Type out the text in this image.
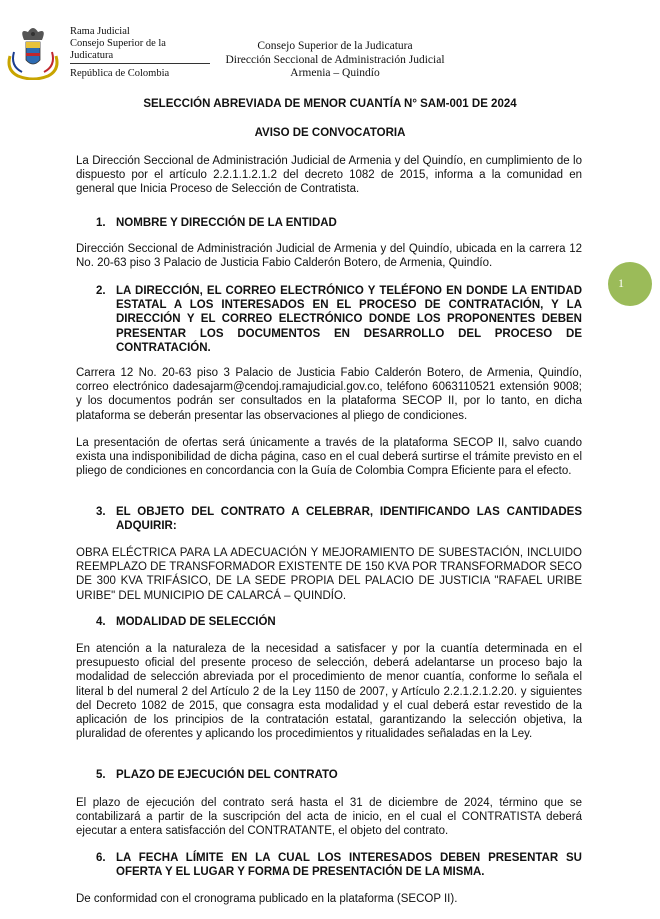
Rama Judicial
Consejo Superior de la Judicatura
República de Colombia
Consejo Superior de la Judicatura
Dirección Seccional de Administración Judicial
Armenia – Quindío
SELECCIÓN ABREVIADA DE MENOR CUANTÍA N° SAM-001 DE 2024
AVISO DE CONVOCATORIA
La Dirección Seccional de Administración Judicial de Armenia y del Quindío, en cumplimiento de lo dispuesto por el artículo 2.2.1.1.2.1.2 del decreto 1082 de 2015, informa a la comunidad en general que Inicia Proceso de Selección de Contratista.
1. NOMBRE Y DIRECCIÓN DE LA ENTIDAD
Dirección Seccional de Administración Judicial de Armenia y del Quindío, ubicada en la carrera 12 No. 20-63 piso 3 Palacio de Justicia Fabio Calderón Botero, de Armenia, Quindío.
2. LA DIRECCIÓN, EL CORREO ELECTRÓNICO Y TELÉFONO EN DONDE LA ENTIDAD ESTATAL A LOS INTERESADOS EN EL PROCESO DE CONTRATACIÓN, Y LA DIRECCIÓN Y EL CORREO ELECTRÓNICO DONDE LOS PROPONENTES DEBEN PRESENTAR LOS DOCUMENTOS EN DESARROLLO DEL PROCESO DE CONTRATACIÓN.
Carrera 12 No. 20-63 piso 3 Palacio de Justicia Fabio Calderón Botero, de Armenia, Quindío, correo electrónico dadesajarm@cendoj.ramajudicial.gov.co, teléfono 6063110521 extensión 9008; y los documentos podrán ser consultados en la plataforma SECOP II, por lo tanto, en dicha plataforma se deberán presentar las observaciones al pliego de condiciones.
La presentación de ofertas será únicamente a través de la plataforma SECOP II, salvo cuando exista una indisponibilidad de dicha página, caso en el cual deberá surtirse el trámite previsto en el pliego de condiciones en concordancia con la Guía de Colombia Compra Eficiente para el efecto.
3. EL OBJETO DEL CONTRATO A CELEBRAR, IDENTIFICANDO LAS CANTIDADES ADQUIRIR:
OBRA ELÉCTRICA PARA LA ADECUACIÓN Y MEJORAMIENTO DE SUBESTACIÓN, INCLUIDO REEMPLAZO DE TRANSFORMADOR EXISTENTE DE 150 KVA POR TRANSFORMADOR SECO DE 300 KVA TRIFÁSICO, DE LA SEDE PROPIA DEL PALACIO DE JUSTICIA "RAFAEL URIBE URIBE" DEL MUNICIPIO DE CALARCÁ – QUINDÍO.
4. MODALIDAD DE SELECCIÓN
En atención a la naturaleza de la necesidad a satisfacer y por la cuantía determinada en el presupuesto oficial del presente proceso de selección, deberá adelantarse un proceso bajo la modalidad de selección abreviada por el procedimiento de menor cuantía, conforme lo señala el literal b del numeral 2 del Artículo 2 de la Ley 1150 de 2007, y Artículo 2.2.1.2.1.2.20. y siguientes del Decreto 1082 de 2015, que consagra esta modalidad y el cual deberá estar revestido de la aplicación de los principios de la contratación estatal, garantizando la selección objetiva, la pluralidad de oferentes y aplicando los procedimientos y ritualidades señaladas en la Ley.
5. PLAZO DE EJECUCIÓN DEL CONTRATO
El plazo de ejecución del contrato será hasta el 31 de diciembre de 2024, término que se contabilizará a partir de la suscripción del acta de inicio, en el cual el CONTRATISTA deberá ejecutar a entera satisfacción del CONTRATANTE, el objeto del contrato.
6. LA FECHA LÍMITE EN LA CUAL LOS INTERESADOS DEBEN PRESENTAR SU OFERTA Y EL LUGAR Y FORMA DE PRESENTACIÓN DE LA MISMA.
De conformidad con el cronograma publicado en la plataforma (SECOP II).
1
